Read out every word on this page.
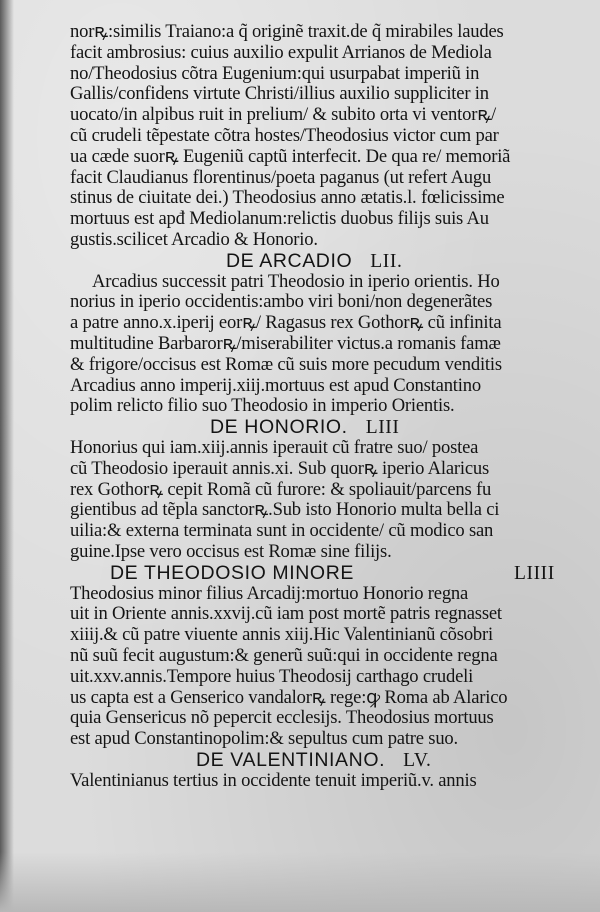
norꝶ:similis Traiano:a q̃ originẽ traxit.de q̃ mirabiles laudes
facit ambrosius: cuius auxilio expulit Arrianos de Mediola
no/Theodosius cõtra Eugenium:qui usurpabat imperiũ in
Gallis/confidens virtute Christi/illius auxilio suppliciter in
uocato/in alpibus ruit in prelium/ & subito orta vi ventorꝶ/
cũ crudeli tẽpestate cõtra hostes/Theodosius victor cum par
ua cæde suorꝶ Eugeniũ captũ interfecit. De qua re/ memoriã
facit Claudianus florentinus/poeta paganus (ut refert Augu
stinus de ciuitate dei.) Theodosius anno ætatis.l. fœlicissime
mortuus est apđ Mediolanum:relictis duobus filijs suis Au
gustis.scilicet Arcadio & Honorio.
DE ARCADIO LII.
Arcadius successit patri Theodosio in iperio orientis. Ho
norius in iperio occidentis:ambo viri boni/non degenerãtes
a patre anno.x.iperij eorꝶ/ Ragasus rex Gothorꝶ cũ infinita
multitudine Barbarorꝶ/miserabiliter victus.a romanis famæ
& frigore/occisus est Romæ cũ suis more pecudum venditis
Arcadius anno imperij.xiij.mortuus est apud Constantino
polim relicto filio suo Theodosio in imperio Orientis.
DE HONORIO. LIII
Honorius qui iam.xiij.annis iperauit cũ fratre suo/ postea
cũ Theodosio iperauit annis.xi. Sub quorꝶ iperio Alaricus
rex Gothorꝶ cepit Romã cũ furore: & spoliauit/parcens fu
gientibus ad tẽpla sanctorꝶ.Sub isto Honorio multa bella ci
uilia:& externa terminata sunt in occidente/ cũ modico san
guine.Ipse vero occisus est Romæ sine filijs.
DE THEODOSIO MINORE	LIIII
Theodosius minor filius Arcadij:mortuo Honorio regna
uit in Oriente annis.xxvij.cũ iam post mortẽ patris regnasset
xiiij.& cũ patre viuente annis xiij.Hic Valentinianũ cõsobri
nũ suũ fecit augustum:& generũ suũ:qui in occidente regna
uit.xxv.annis.Tempore huius Theodosij carthago crudeli
us capta est a Genserico vandalorꝶ rege:ꝙ Roma ab Alarico
quia Gensericus nõ pepercit ecclesijs. Theodosius mortuus
est apud Constantinopolim:& sepultus cum patre suo.
DE VALENTINIANO. LV.
Valentinianus tertius in occidente tenuit imperiũ.v. annis
